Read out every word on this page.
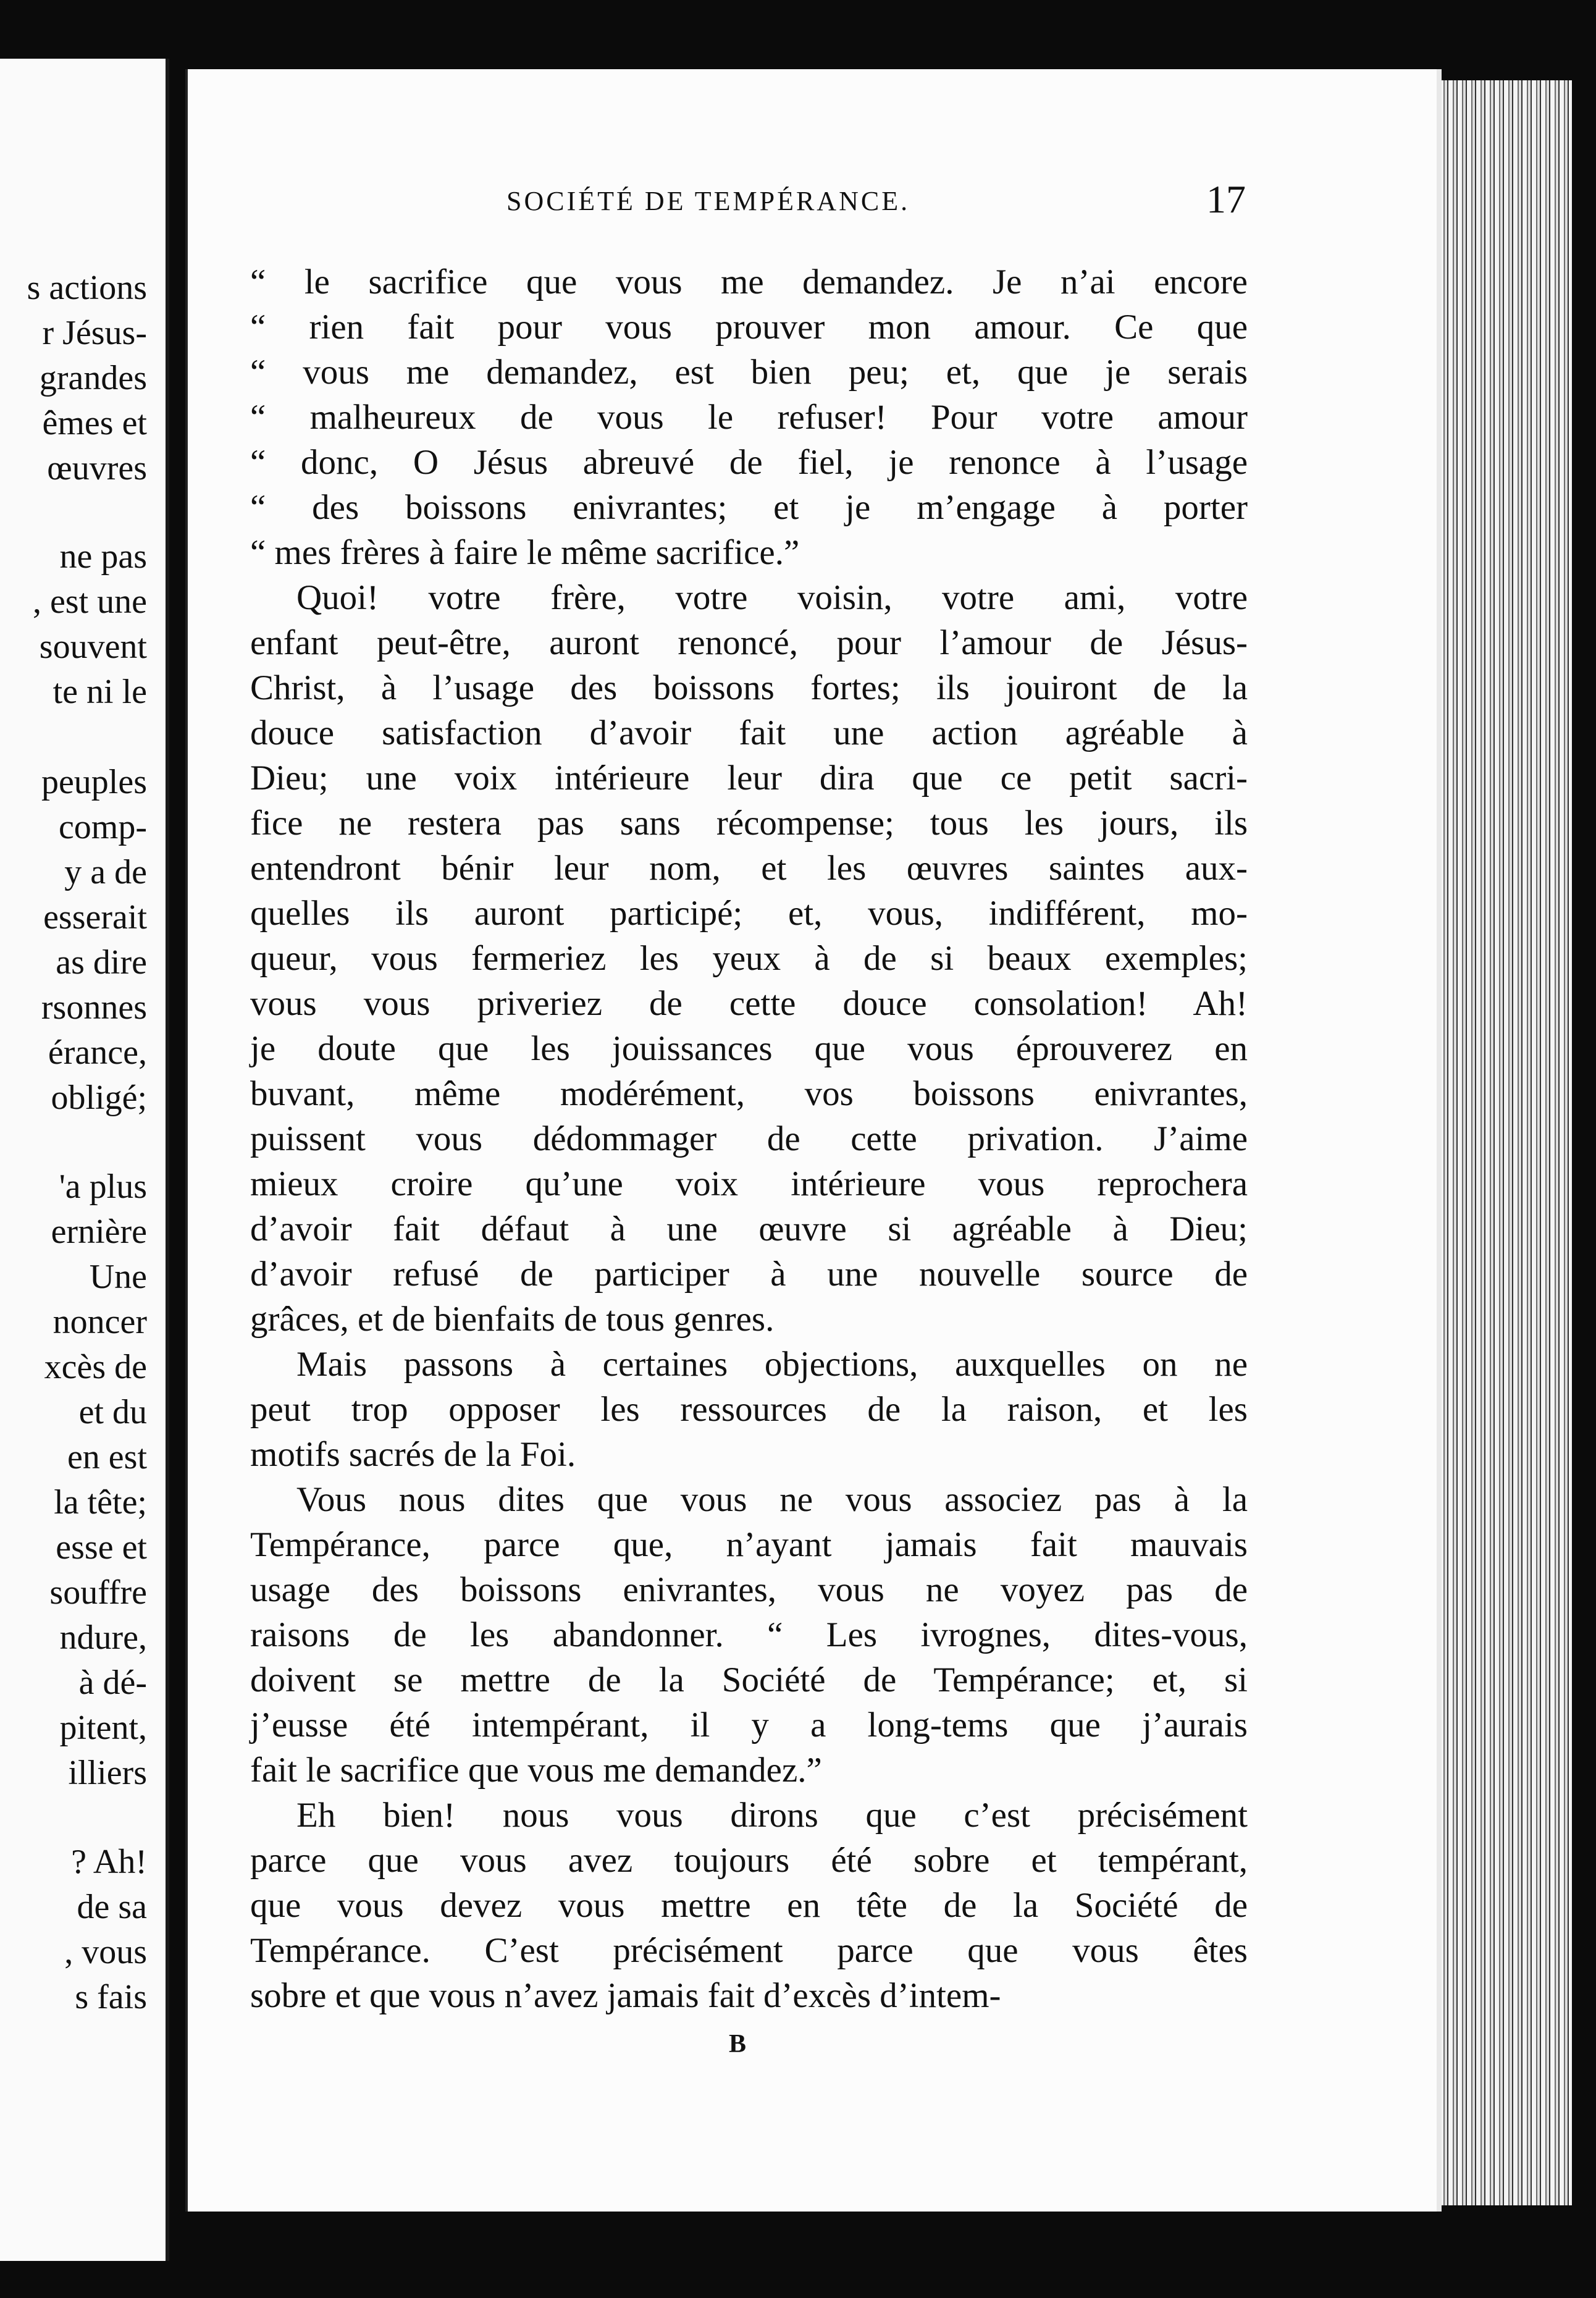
s actions
r Jésus-
grandes
êmes et
œuvres
ne pas
, est une
souvent
te ni le
peuples
comp-
y a de
esserait
as dire
rsonnes
érance,
obligé;
'a plus
ernière
Une
noncer
xcès de
et du
en est
la tête;
esse et
souffre
ndure,
à dé-
pitent,
illiers
? Ah!
de sa
, vous
s fais
SOCIÉTÉ DE TEMPÉRANCE.	17
“ le sacrifice que vous me demandez. Je n’ai encore
“ rien fait pour vous prouver mon amour. Ce que
“ vous me demandez, est bien peu; et, que je serais
“ malheureux de vous le refuser! Pour votre amour
“ donc, O Jésus abreuvé de fiel, je renonce à l’usage
“ des boissons enivrantes; et je m’engage à porter
“ mes frères à faire le même sacrifice.”
Quoi! votre frère, votre voisin, votre ami, votre
enfant peut-être, auront renoncé, pour l’amour de Jésus-
Christ, à l’usage des boissons fortes; ils jouiront de la
douce satisfaction d’avoir fait une action agréable à
Dieu; une voix intérieure leur dira que ce petit sacri-
fice ne restera pas sans récompense; tous les jours, ils
entendront bénir leur nom, et les œuvres saintes aux-
quelles ils auront participé; et, vous, indifférent, mo-
queur, vous fermeriez les yeux à de si beaux exemples;
vous vous priveriez de cette douce consolation! Ah!
je doute que les jouissances que vous éprouverez en
buvant, même modérément, vos boissons enivrantes,
puissent vous dédommager de cette privation. J’aime
mieux croire qu’une voix intérieure vous reprochera
d’avoir fait défaut à une œuvre si agréable à Dieu;
d’avoir refusé de participer à une nouvelle source de
grâces, et de bienfaits de tous genres.
Mais passons à certaines objections, auxquelles on ne
peut trop opposer les ressources de la raison, et les
motifs sacrés de la Foi.
Vous nous dites que vous ne vous associez pas à la
Tempérance, parce que, n’ayant jamais fait mauvais
usage des boissons enivrantes, vous ne voyez pas de
raisons de les abandonner. “ Les ivrognes, dites-vous,
doivent se mettre de la Société de Tempérance; et, si
j’eusse été intempérant, il y a long-tems que j’aurais
fait le sacrifice que vous me demandez.”
Eh bien! nous vous dirons que c’est précisément
parce que vous avez toujours été sobre et tempérant,
que vous devez vous mettre en tête de la Société de
Tempérance. C’est précisément parce que vous êtes
sobre et que vous n’avez jamais fait d’excès d’intem-
B
